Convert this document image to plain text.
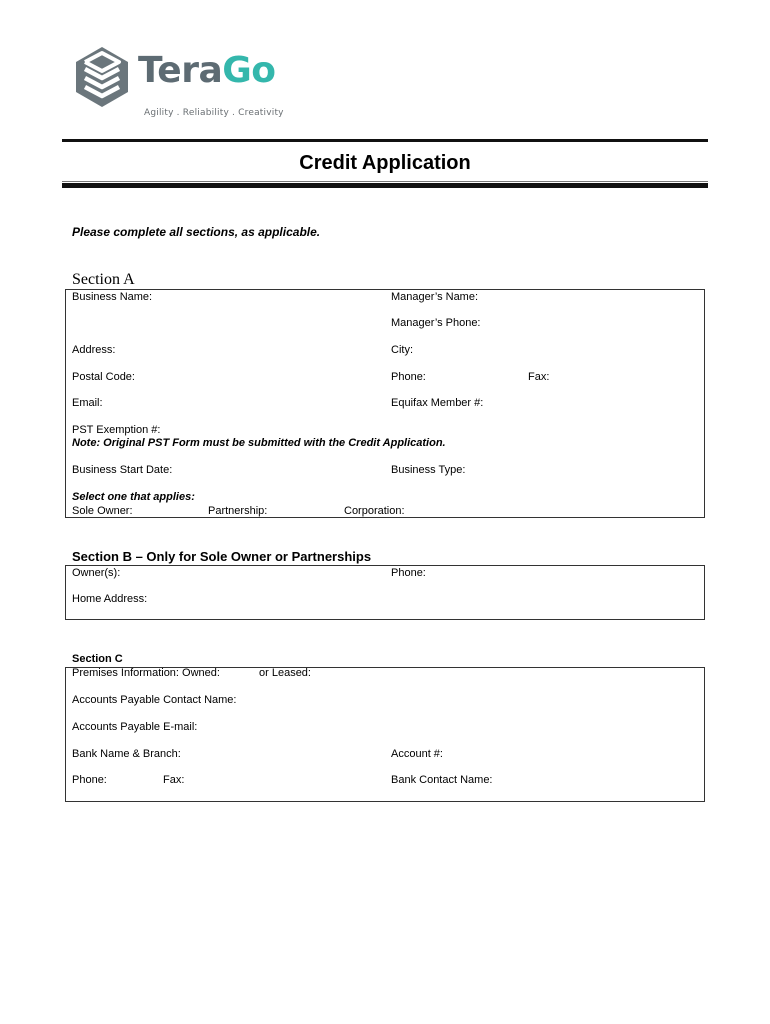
TeraGo
Agility . Reliability . Creativity
Credit Application
Please complete all sections, as applicable.
Section A
Business Name:	Manager’s Name:
Manager’s Phone:
Address:	City:
Postal Code:	Phone:	Fax:
Email:	Equifax Member #:
PST Exemption #:
Note: Original PST Form must be submitted with the Credit Application.
Business Start Date:	Business Type:
Select one that applies:
Sole Owner:	Partnership:	Corporation:
Section B – Only for Sole Owner or Partnerships
Owner(s):	Phone:
Home Address:
Section C
Premises Information: Owned:	or Leased:
Accounts Payable Contact Name:
Accounts Payable E-mail:
Bank Name & Branch:	Account #:
Phone:	Fax:	Bank Contact Name:
